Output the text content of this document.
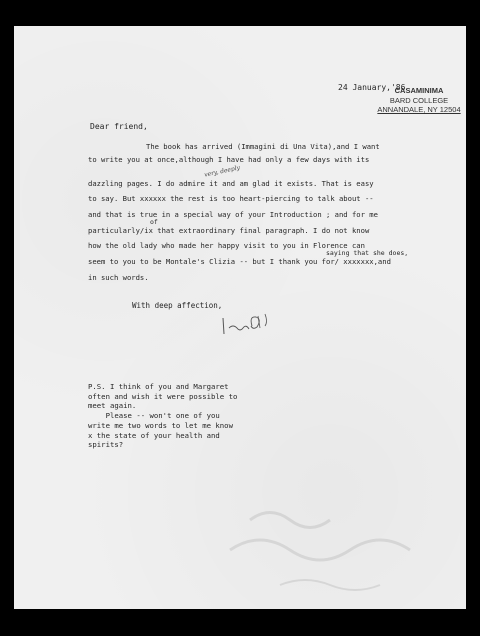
CASAMINIMA
BARD COLLEGE
ANNANDALE, NY 12504
24 January,'86
Dear friend,
The book has arrived (Immagini di Una Vita),and I want
to write you at once,although I have had only a few days with its
dazzling pages. I do admire it and am glad it exists. That is easy
to say. But xxxxxx the rest is too heart-piercing to talk about --
and that is true in a special way of your Introduction ; and for me
of
particularly/ix that extraordinary final paragraph. I do not know
how the old lady who made her happy visit to you in Florence can
saying that she does,
seem to you to be Montale's Clizia -- but I thank you for/ xxxxxxx,and
in such words.
very, deeply
With deep affection,
P.S. I think of you and Margaret
often and wish it were possible to
meet again.
Please -- won't one of you
write me two words to let me know
x the state of your health and
spirits?
